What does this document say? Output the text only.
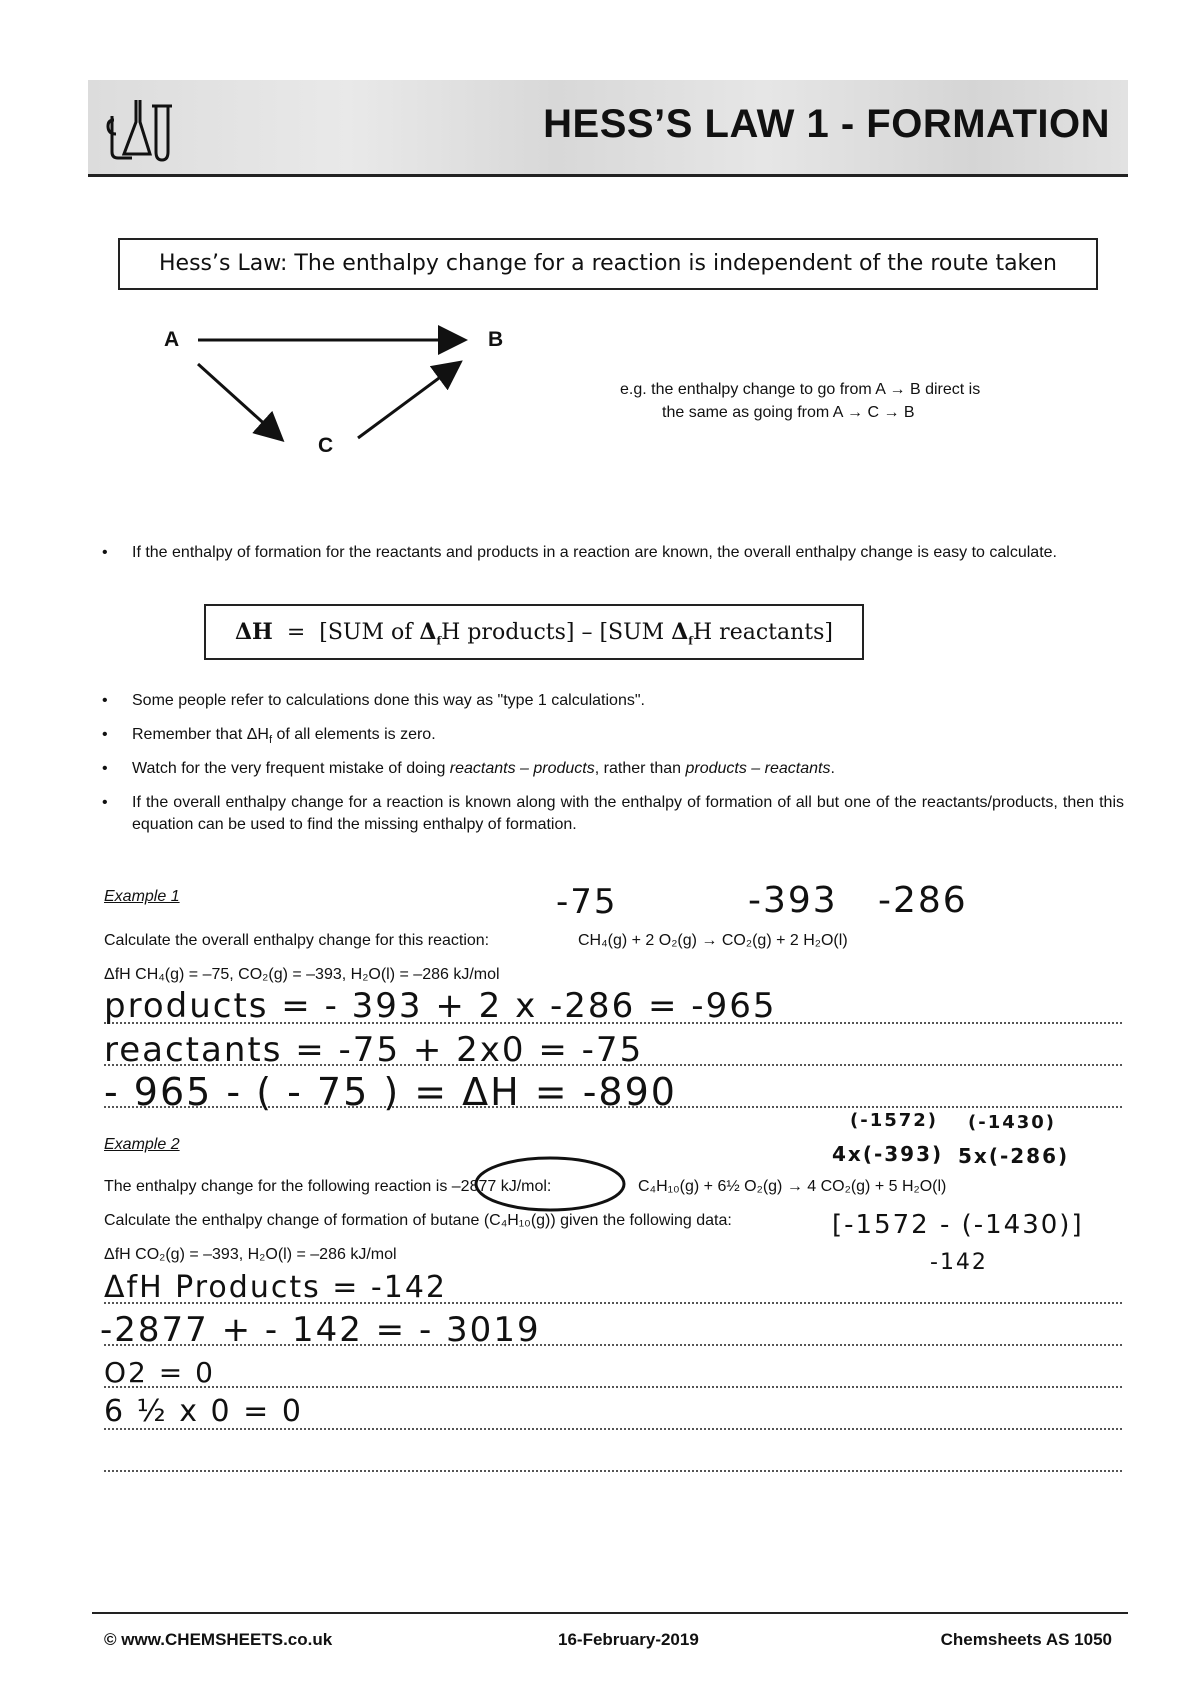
HESS’S LAW 1 - FORMATION
Hess’s Law: The enthalpy change for a reaction is independent of the route taken
A	B
C
e.g. the enthalpy change to go from A → B direct is
the same as going from A → C → B
•	If the enthalpy of formation for the reactants and products in a reaction are known, the overall enthalpy change is easy to calculate.
ΔH  =  [SUM of $\Delta_fH$ products] – [SUM $\Delta_fH$ reactants]
•	Some people refer to calculations done this way as "type 1 calculations".
•	Remember that $\Delta H_f$ of all elements is zero.
•	Watch for the very frequent mistake of doing reactants – products, rather than products – reactants.
•	If the overall enthalpy change for a reaction is known along with the enthalpy of formation of all but one of the reactants/products, then this equation can be used to find the missing enthalpy of formation.
Example 1	-75	-393 -286
Calculate the overall enthalpy change for this reaction:	CH₄(g) + 2 O₂(g) → CO₂(g) + 2 H₂O(l)
ΔfH CH₄(g) = –75, CO₂(g) = –393, H₂O(l) = –286 kJ/mol
products = - 393 + 2 x -286 = -965
reactants = -75 + 2x0 = -75
- 965 - ( - 75 ) = ΔH = -890
Example 2
(-1572) (-1430)
4x(-393) 5x(-286)
The enthalpy change for the following reaction is –2877 kJ/mol:	C₄H₁₀(g) + 6½ O₂(g) → 4 CO₂(g) + 5 H₂O(l)
Calculate the enthalpy change of formation of butane (C₄H₁₀(g)) given the following data:	[-1572 - (-1430)]
-142
ΔfH CO₂(g) = –393, H₂O(l) = –286 kJ/mol
ΔfH Products = -142
-2877 + - 142 = - 3019
O2 = 0
6 ½ x 0 = 0
© www.CHEMSHEETS.co.uk	16-February-2019	Chemsheets AS 1050
